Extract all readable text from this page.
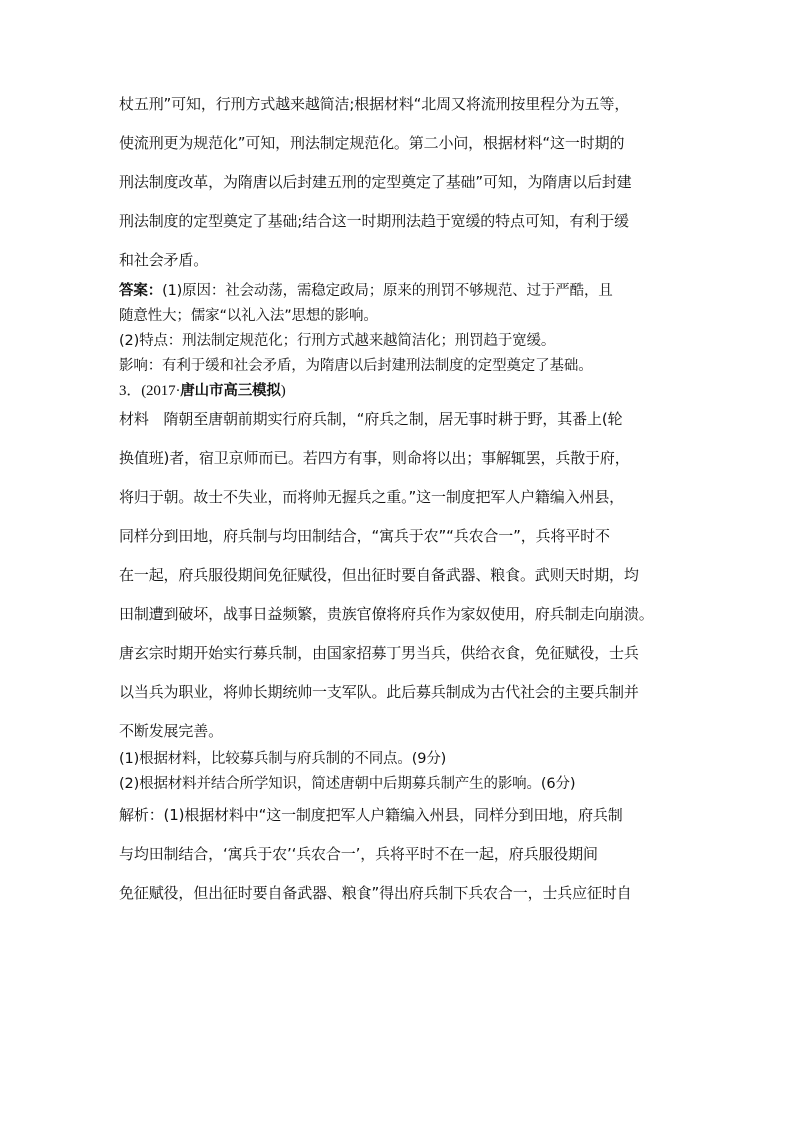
杖五刑”可知，行刑方式越来越简洁;根据材料“北周又将流刑按里程分为五等，
使流刑更为规范化”可知，刑法制定规范化。第二小问，根据材料“这一时期的
刑法制度改革，为隋唐以后封建五刑的定型奠定了基础”可知，为隋唐以后封建
刑法制度的定型奠定了基础;结合这一时期刑法趋于宽缓的特点可知，有利于缓
和社会矛盾。
答案：(1)原因：社会动荡，需稳定政局；原来的刑罚不够规范、过于严酷，且
随意性大；儒家“以礼入法”思想的影响。
(2)特点：刑法制定规范化；行刑方式越来越简洁化；刑罚趋于宽缓。
影响：有利于缓和社会矛盾，为隋唐以后封建刑法制度的定型奠定了基础。
3．(2017·唐山市高三模拟)
材料　隋朝至唐朝前期实行府兵制，“府兵之制，居无事时耕于野，其番上(轮
换值班)者，宿卫京师而已。若四方有事，则命将以出；事解辄罢，兵散于府，
将归于朝。故士不失业，而将帅无握兵之重。”这一制度把军人户籍编入州县，
同样分到田地，府兵制与均田制结合，“寓兵于农”“兵农合一”，兵将平时不
在一起，府兵服役期间免征赋役，但出征时要自备武器、粮食。武则天时期，均
田制遭到破坏，战事日益频繁，贵族官僚将府兵作为家奴使用，府兵制走向崩溃。
唐玄宗时期开始实行募兵制，由国家招募丁男当兵，供给衣食，免征赋役，士兵
以当兵为职业，将帅长期统帅一支军队。此后募兵制成为古代社会的主要兵制并
不断发展完善。
(1)根据材料，比较募兵制与府兵制的不同点。(9分)
(2)根据材料并结合所学知识，简述唐朝中后期募兵制产生的影响。(6分)
解析：(1)根据材料中“这一制度把军人户籍编入州县，同样分到田地，府兵制
与均田制结合，‘寓兵于农’‘兵农合一’，兵将平时不在一起，府兵服役期间
免征赋役，但出征时要自备武器、粮食”得出府兵制下兵农合一，士兵应征时自
